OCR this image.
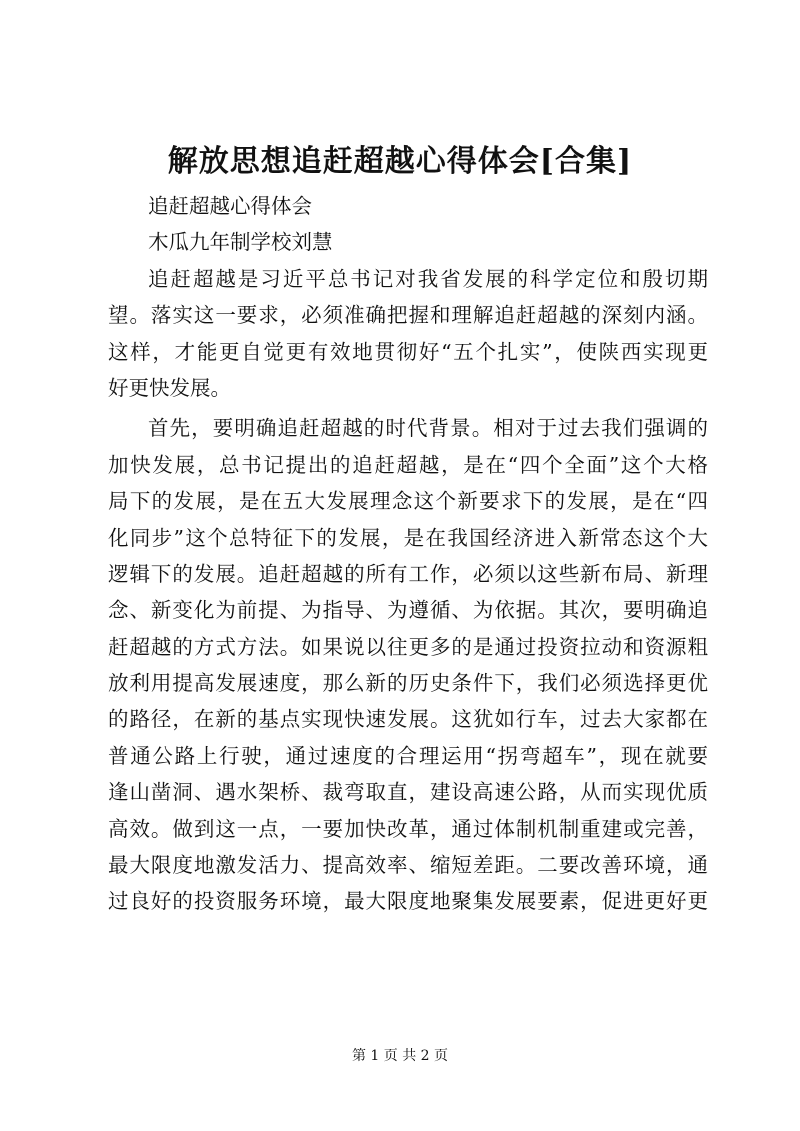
解放思想追赶超越心得体会[合集]
追赶超越心得体会
木瓜九年制学校刘慧
追赶超越是习近平总书记对我省发展的科学定位和殷切期
望。落实这一要求，必须准确把握和理解追赶超越的深刻内涵。
这样，才能更自觉更有效地贯彻好“五个扎实”，使陕西实现更
好更快发展。
首先，要明确追赶超越的时代背景。相对于过去我们强调的
加快发展，总书记提出的追赶超越，是在“四个全面”这个大格
局下的发展，是在五大发展理念这个新要求下的发展，是在“四
化同步”这个总特征下的发展，是在我国经济进入新常态这个大
逻辑下的发展。追赶超越的所有工作，必须以这些新布局、新理
念、新变化为前提、为指导、为遵循、为依据。其次，要明确追
赶超越的方式方法。如果说以往更多的是通过投资拉动和资源粗
放利用提高发展速度，那么新的历史条件下，我们必须选择更优
的路径，在新的基点实现快速发展。这犹如行车，过去大家都在
普通公路上行驶，通过速度的合理运用“拐弯超车”，现在就要
逢山凿洞、遇水架桥、裁弯取直，建设高速公路，从而实现优质
高效。做到这一点，一要加快改革，通过体制机制重建或完善，
最大限度地激发活力、提高效率、缩短差距。二要改善环境，通
过良好的投资服务环境，最大限度地聚集发展要素，促进更好更
第 1 页 共 2 页
